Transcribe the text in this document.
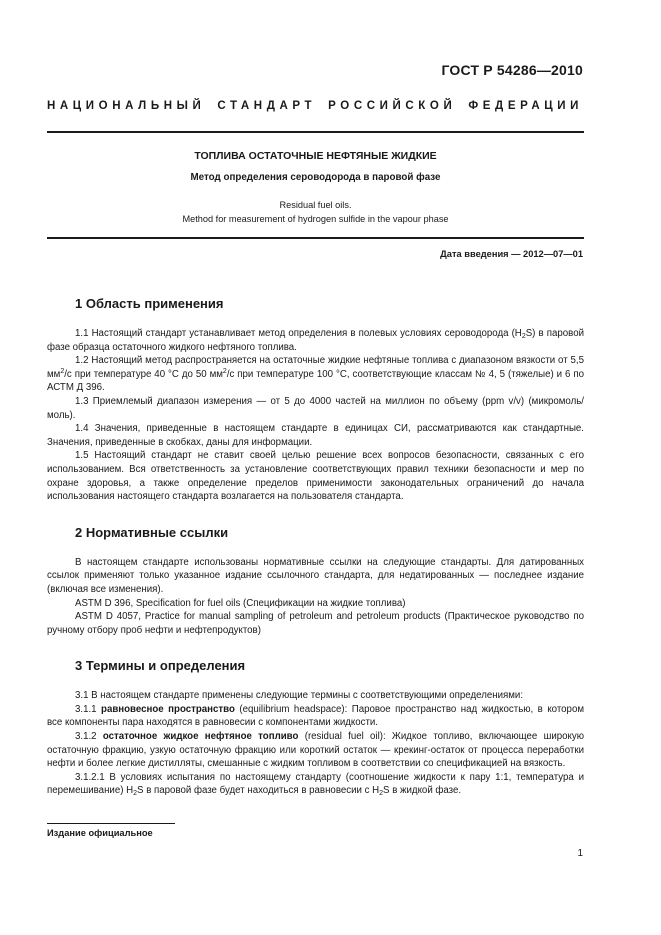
ГОСТ Р 54286—2010
НАЦИОНАЛЬНЫЙ СТАНДАРТ РОССИЙСКОЙ ФЕДЕРАЦИИ
ТОПЛИВА ОСТАТОЧНЫЕ НЕФТЯНЫЕ ЖИДКИЕ
Метод определения сероводорода в паровой фазе
Residual fuel oils.
Method for measurement of hydrogen sulfide in the vapour phase
Дата введения — 2012—07—01
1 Область применения

1.1 Настоящий стандарт устанавливает метод определения в полевых условиях сероводорода $(H_2S)$ в паровой фазе образца остаточного жидкого нефтяного топлива.

1.2 Настоящий метод распространяется на остаточные жидкие нефтяные топлива с диапазоном вязкости от 5,5 $мм^2/с$ при температуре 40 °С до 50 $мм^2/с$ при температуре 100 °С, соответствующие классам № 4, 5 (тяжелые) и 6 по АСТМ Д 396.

1.3 Приемлемый диапазон измерения — от 5 до 4000 частей на миллион по объему (ppm v/v) (микромоль/моль).

1.4 Значения, приведенные в настоящем стандарте в единицах СИ, рассматриваются как стандартные. Значения, приведенные в скобках, даны для информации.

1.5 Настоящий стандарт не ставит своей целью решение всех вопросов безопасности, связанных с его использованием. Вся ответственность за установление соответствующих правил техники безопасности и мер по охране здоровья, а также определение пределов применимости законодательных ограничений до начала использования настоящего стандарта возлагается на пользователя стандарта.

2 Нормативные ссылки

В настоящем стандарте использованы нормативные ссылки на следующие стандарты. Для датированных ссылок применяют только указанное издание ссылочного стандарта, для недатированных — последнее издание (включая все изменения).

ASTM D 396, Specification for fuel oils (Спецификации на жидкие топлива)

ASTM D 4057, Practice for manual sampling of petroleum and petroleum products (Практическое руководство по ручному отбору проб нефти и нефтепродуктов)

3 Термины и определения

3.1 В настоящем стандарте применены следующие термины с соответствующими определениями:

3.1.1 равновесное пространство (equilibrium headspace): Паровое пространство над жидкостью, в котором все компоненты пара находятся в равновесии с компонентами жидкости.

3.1.2 остаточное жидкое нефтяное топливо (residual fuel oil): Жидкое топливо, включающее широкую остаточную фракцию, узкую остаточную фракцию или короткий остаток — крекинг-остаток от процесса переработки нефти и более легкие дистилляты, смешанные с жидким топливом в соответствии со спецификацией на вязкость.

3.1.2.1 В условиях испытания по настоящему стандарту (соотношение жидкости к пару 1:1, температура и перемешивание) $H_2S$ в паровой фазе будет находиться в равновесии с $H_2S$ в жидкой фазе.

Издание официальное
1
